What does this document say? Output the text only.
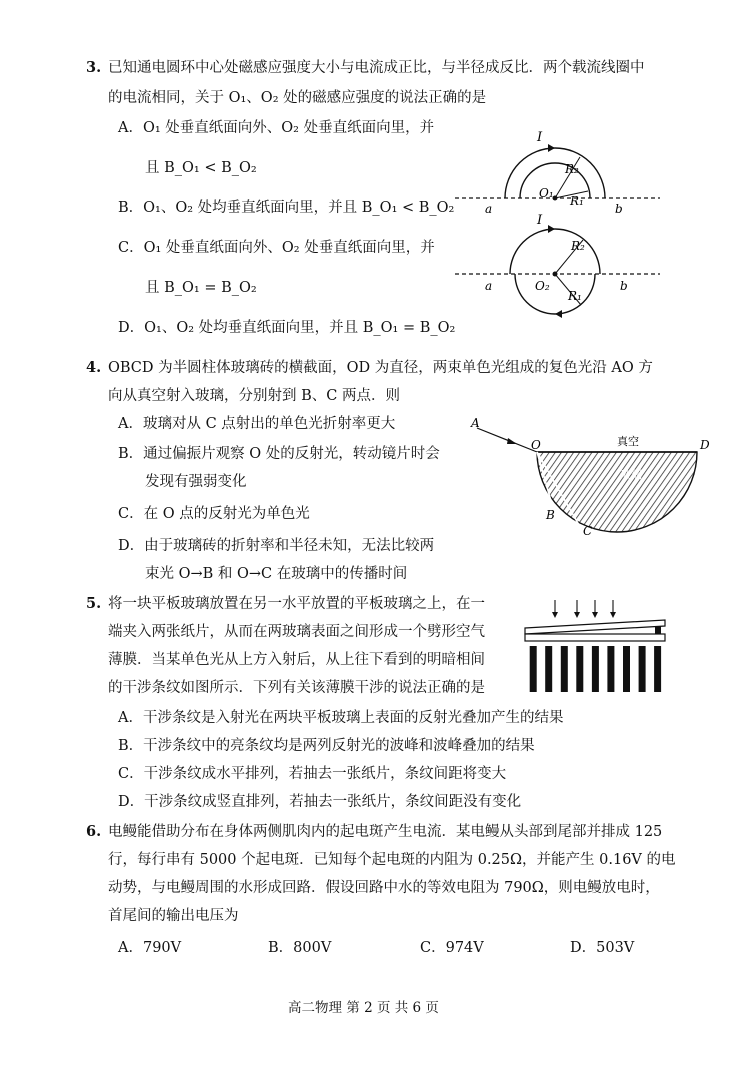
3. 已知通电圆环中心处磁感应强度大小与电流成正比，与半径成反比．两个载流线圈中
的电流相同，关于 O₁、O₂ 处的磁感应强度的说法正确的是
A．O₁ 处垂直纸面向外、O₂ 处垂直纸面向里，并
且 B_O₁ < B_O₂
B．O₁、O₂ 处均垂直纸面向里，并且 B_O₁ < B_O₂
C．O₁ 处垂直纸面向外、O₂ 处垂直纸面向里，并
且 B_O₁ = B_O₂
D．O₁、O₂ 处均垂直纸面向里，并且 B_O₁ = B_O₂
I
R₂
R₁
O₁
a	b
I
R₂
R₁
O₂
a	b
4. OBCD 为半圆柱体玻璃砖的横截面，OD 为直径，两束单色光组成的复色光沿 AO 方
向从真空射入玻璃，分别射到 B、C 两点．则
A．玻璃对从 C 点射出的单色光折射率更大
B．通过偏振片观察 O 处的反射光，转动镜片时会
发现有强弱变化
C．在 O 点的反射光为单色光
D．由于玻璃砖的折射率和半径未知，无法比较两
束光 O→B 和 O→C 在玻璃中的传播时间
A
O	D
B
C
真空
玻璃
5. 将一块平板玻璃放置在另一水平放置的平板玻璃之上，在一
端夹入两张纸片，从而在两玻璃表面之间形成一个劈形空气
薄膜．当某单色光从上方入射后，从上往下看到的明暗相间
的干涉条纹如图所示．下列有关该薄膜干涉的说法正确的是
A．干涉条纹是入射光在两块平板玻璃上表面的反射光叠加产生的结果
B．干涉条纹中的亮条纹均是两列反射光的波峰和波峰叠加的结果
C．干涉条纹成水平排列，若抽去一张纸片，条纹间距将变大
D．干涉条纹成竖直排列，若抽去一张纸片，条纹间距没有变化
6. 电鳗能借助分布在身体两侧肌肉内的起电斑产生电流．某电鳗从头部到尾部并排成 125
行，每行串有 5000 个起电斑．已知每个起电斑的内阻为 0.25Ω，并能产生 0.16V 的电
动势，与电鳗周围的水形成回路．假设回路中水的等效电阻为 790Ω，则电鳗放电时，
首尾间的输出电压为
A．790V	B．800V	C．974V	D．503V
高二物理 第 2 页 共 6 页
